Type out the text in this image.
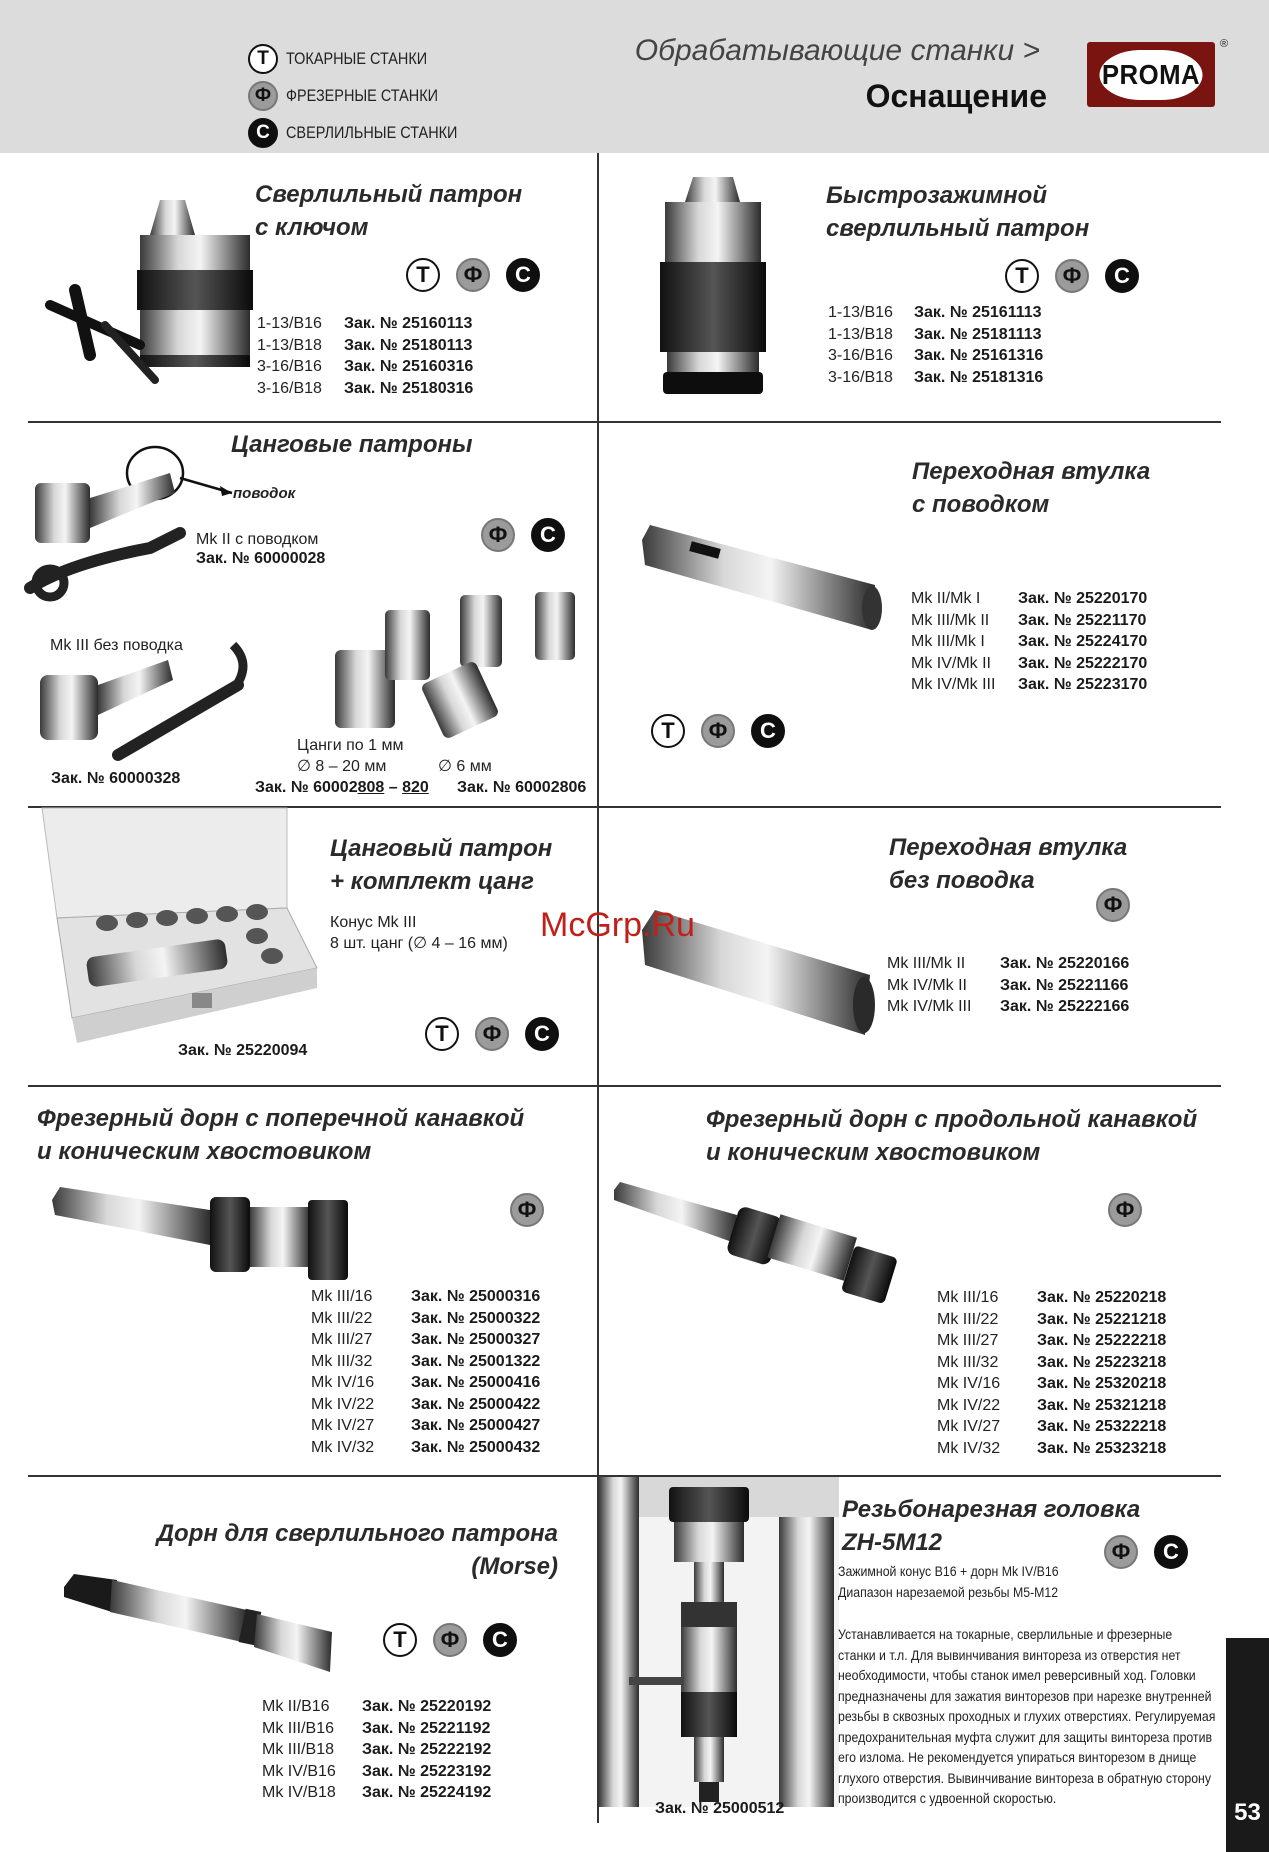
T	ТОКАРНЫЕ СТАНКИ
Ф ФРЕЗЕРНЫЕ СТАНКИ
С СВЕРЛИЛЬНЫЕ СТАНКИ
Обрабатывающие станки >
Оснащение
PROMA
®
Сверлильный патрон
с ключом
T	Ф	С
1-13/B16	Зак. № 25160113
1-13/B18	Зак. № 25180113
3-16/B16	Зак. № 25160316
3-16/B18	Зак. № 25180316
Быстрозажимной
сверлильный патрон
T	Ф	С
1-13/B16	Зак. № 25161113
1-13/B18	Зак. № 25181113
3-16/B16	Зак. № 25161316
3-16/B18	Зак. № 25181316
Цанговые патроны
поводок
Mk II с поводком
Зак. № 60000028
Ф	С
Mk III без поводка
Зак. № 60000328
Цанги по 1 мм
∅ 8 – 20 мм	∅ 6 мм
Зак. № 60002808 – 820 Зак. № 60002806
Переходная втулка
с поводком
Mk II/Mk I	Зак. № 25220170
Mk III/Mk II	Зак. № 25221170
Mk III/Mk I	Зак. № 25224170
Mk IV/Mk II	Зак. № 25222170
Mk IV/Mk III	Зак. № 25223170
T	Ф	С
Цанговый патрон
+ комплект цанг
Конус Mk III
8 шт. цанг (∅ 4 – 16 мм)
Зак. № 25220094
T	Ф	С
Переходная втулка
без поводка
Ф
Mk III/Mk II	Зак. № 25220166
Mk IV/Mk II	Зак. № 25221166
Mk IV/Mk III	Зак. № 25222166
McGrp.Ru
Фрезерный дорн с поперечной канавкой
и коническим хвостовиком
Ф
Mk III/16	Зак. № 25000316
Mk III/22	Зак. № 25000322
Mk III/27	Зак. № 25000327
Mk III/32	Зак. № 25001322
Mk IV/16	Зак. № 25000416
Mk IV/22	Зак. № 25000422
Mk IV/27	Зак. № 25000427
Mk IV/32	Зак. № 25000432
Фрезерный дорн с продольной канавкой
и коническим хвостовиком
Ф
Mk III/16	Зак. № 25220218
Mk III/22	Зак. № 25221218
Mk III/27	Зак. № 25222218
Mk III/32	Зак. № 25223218
Mk IV/16	Зак. № 25320218
Mk IV/22	Зак. № 25321218
Mk IV/27	Зак. № 25322218
Mk IV/32	Зак. № 25323218
Дорн для сверлильного патрона
(Morse)
T	Ф	С
Mk II/B16	Зак. № 25220192
Mk III/B16	Зак. № 25221192
Mk III/B18	Зак. № 25222192
Mk IV/B16	Зак. № 25223192
Mk IV/B18	Зак. № 25224192
Резьбонарезная головка
ZH-5M12	Ф	С
Зажимной конус B16 + дорн Mk IV/B16
Диапазон нарезаемой резьбы M5-M12
Устанавливается на токарные, сверлильные и фрезерные
станки и т.л. Для вывинчивания винтореза из отверстия нет
необходимости, чтобы станок имел реверсивный ход. Головки
предназначены для зажатия винторезов при нарезке внутренней
резьбы в сквозных проходных и глухих отверстиях. Регулируемая
предохранительная муфта служит для защиты винтореза против
его излома. Не рекомендуется упираться винторезом в днище
глухого отверстия. Вывинчивание винтореза в обратную сторону
производится с удвоенной скоростью.
Зак. № 25000512	53
